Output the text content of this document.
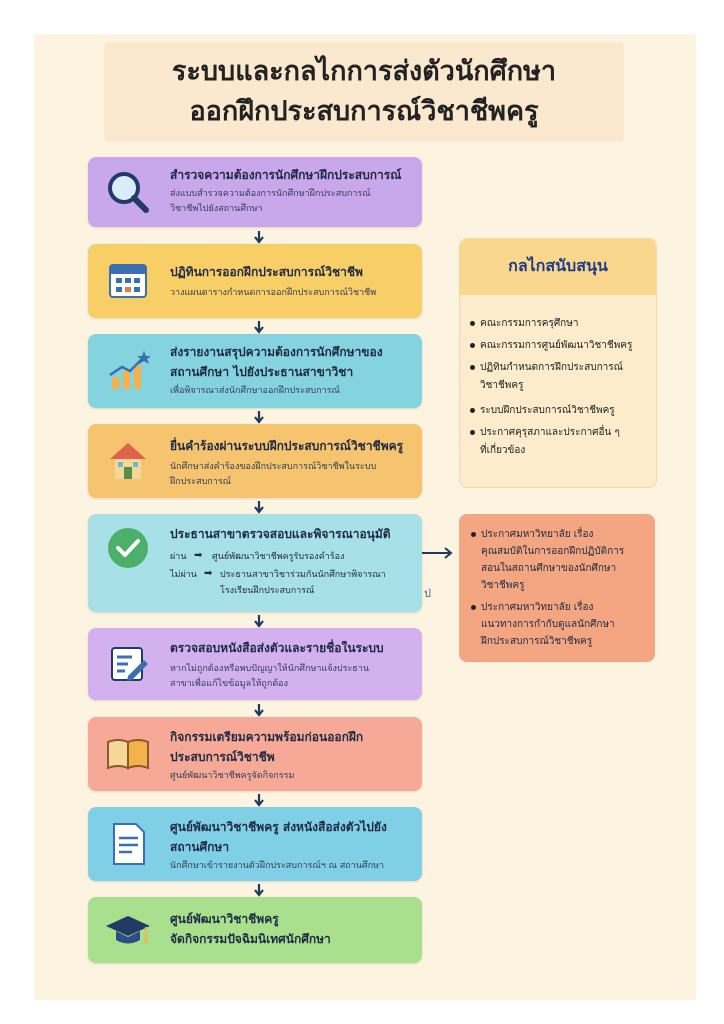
ระบบและกลไกการส่งตัวนักศึกษา
ออกฝึกประสบการณ์วิชาชีพครู
สำรวจความต้องการนักศึกษาฝึกประสบการณ์
ส่งแบบสำรวจความต้องการนักศึกษาฝึกประสบการณ์
วิชาชีพไปยังสถานศึกษา
ปฏิทินการออกฝึกประสบการณ์วิชาชีพ
วางแผนตารางกำหนดการออกฝึกประสบการณ์วิชาชีพ
ส่งรายงานสรุปความต้องการนักศึกษาของ
สถานศึกษา ไปยังประธานสาขาวิชา
เพื่อพิจารณาส่งนักศึกษาออกฝึกประสบการณ์
ยื่นคำร้องผ่านระบบฝึกประสบการณ์วิชาชีพครู
นักศึกษาส่งคำร้องของฝึกประสบการณ์วิชาชีพในระบบ
ฝึกประสบการณ์
ประธานสาขาตรวจสอบและพิจารณาอนุมัติ
ผ่าน ➡ ศูนย์พัฒนาวิชาชีพครูรับรองคำร้อง
ไม่ผ่าน ➡ ประธานสาขาวิชาร่วมกันนักศึกษาพิจารณา
โรงเรียนฝึกประสบการณ์	ป
ตรวจสอบหนังสือส่งตัวและรายชื่อในระบบ
หากไม่ถูกต้องหรือพบปัญญาให้นักศึกษาแจ้งประธาน
สาขาเพื่อแก้ไขข้อมูลให้ถูกต้อง
กิจกรรมเตรียมความพร้อมก่อนออกฝึก
ประสบการณ์วิชาชีพ
ศูนย์พัฒนาวิชาชีพครูจัดกิจกรรม
ศูนย์พัฒนาวิชาชีพครู ส่งหนังสือส่งตัวไปยัง
สถานศึกษา
นักศึกษาเข้ารายงานตัวฝึกประสบการณ์ฯ ณ สถานศึกษา
ศูนย์พัฒนาวิชาชีพครู
จัดกิจกรรมปัจฉิมนิเทศนักศึกษา
กลไกสนับสนุน
คณะกรรมการครุศึกษา
คณะกรรมการศูนย์พัฒนาวิชาชีพครู
ปฏิทินกำหนดการฝึกประสบการณ์
วิชาชีพครู
ระบบฝึกประสบการณ์วิชาชีพครู
ประกาศคุรุสภาและประกาศอื่น ๆ
ที่เกี่ยวข้อง
ประกาศมหาวิทยาลัย เรื่อง
คุณสมบัติในการออกฝึกปฏิบัติการ
สอนในสถานศึกษาของนักศึกษา
วิชาชีพครู
ประกาศมหาวิทยาลัย เรื่อง
แนวทางการกำกับดูแลนักศึกษา
ฝึกประสบการณ์วิชาชีพครู
